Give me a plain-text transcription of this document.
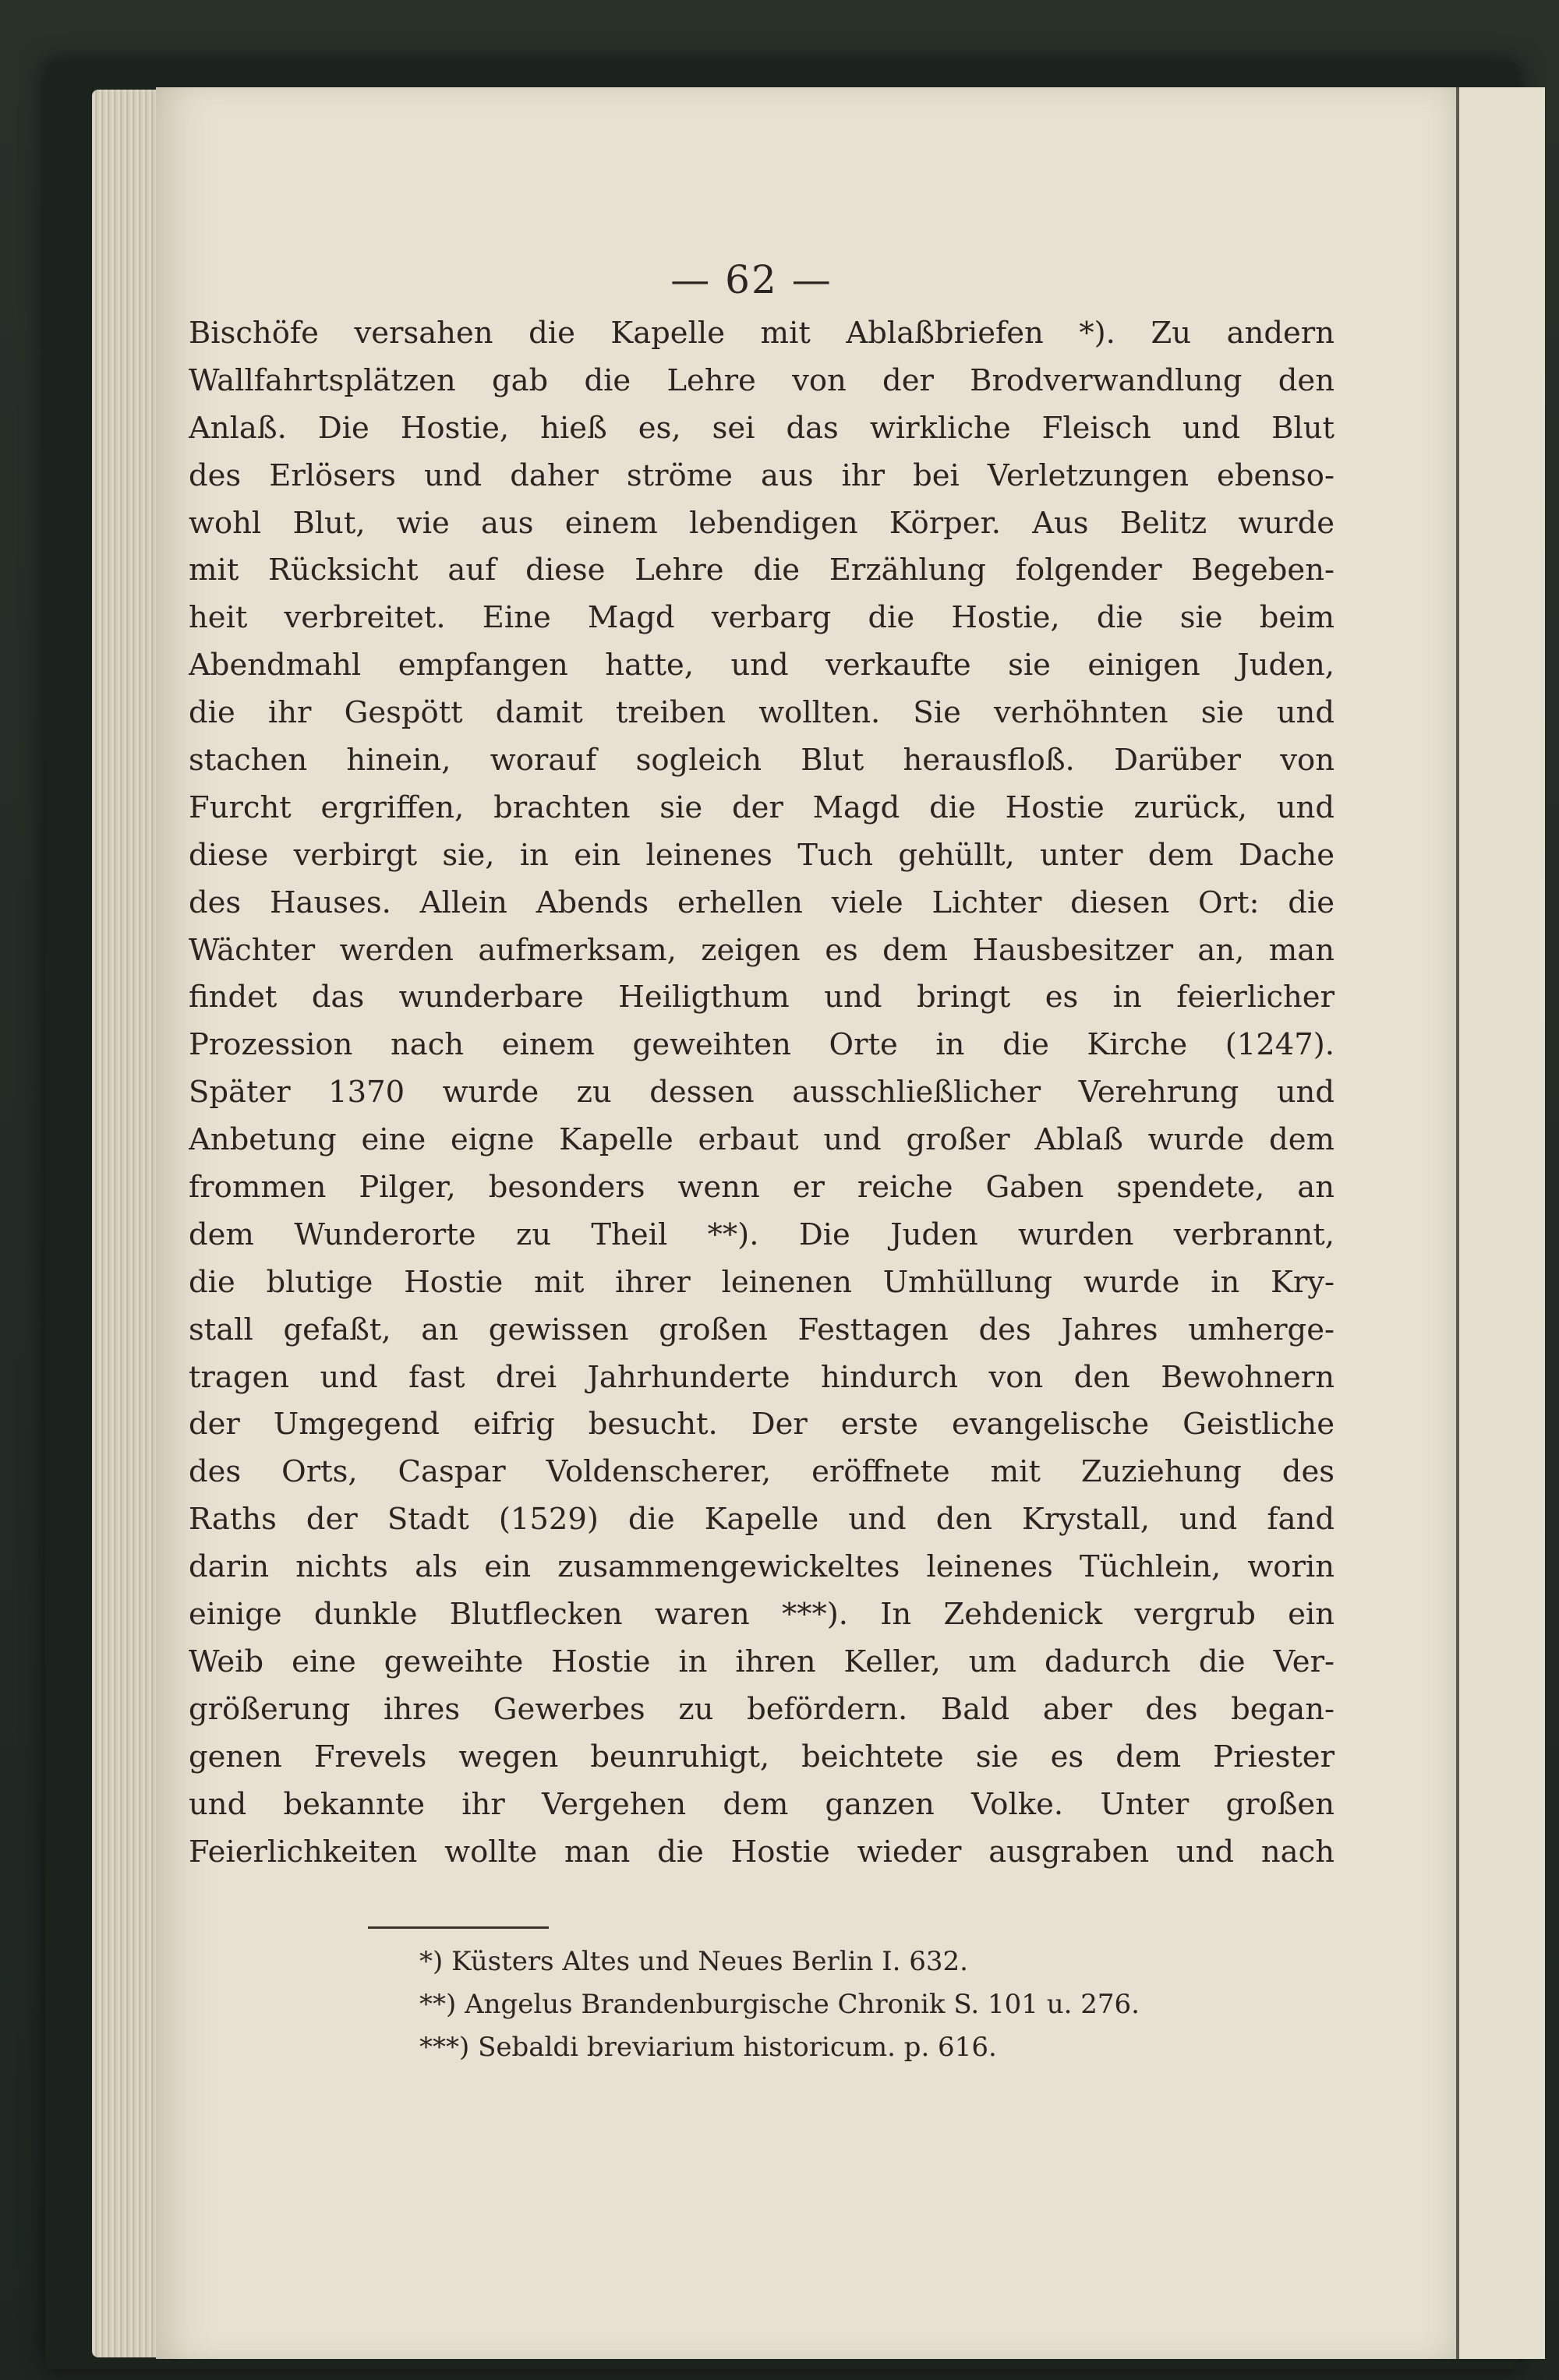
— 62 —
Bischöfe versahen die Kapelle mit Ablaßbriefen *). Zu andern
Wallfahrtsplätzen gab die Lehre von der Brodverwandlung den
Anlaß. Die Hostie, hieß es, sei das wirkliche Fleisch und Blut
des Erlösers und daher ströme aus ihr bei Verletzungen ebenso-
wohl Blut, wie aus einem lebendigen Körper. Aus Belitz wurde
mit Rücksicht auf diese Lehre die Erzählung folgender Begeben-
heit verbreitet. Eine Magd verbarg die Hostie, die sie beim
Abendmahl empfangen hatte, und verkaufte sie einigen Juden,
die ihr Gespött damit treiben wollten. Sie verhöhnten sie und
stachen hinein, worauf sogleich Blut herausfloß. Darüber von
Furcht ergriffen, brachten sie der Magd die Hostie zurück, und
diese verbirgt sie, in ein leinenes Tuch gehüllt, unter dem Dache
des Hauses. Allein Abends erhellen viele Lichter diesen Ort: die
Wächter werden aufmerksam, zeigen es dem Hausbesitzer an, man
findet das wunderbare Heiligthum und bringt es in feierlicher
Prozession nach einem geweihten Orte in die Kirche (1247).
Später 1370 wurde zu dessen ausschließlicher Verehrung und
Anbetung eine eigne Kapelle erbaut und großer Ablaß wurde dem
frommen Pilger, besonders wenn er reiche Gaben spendete, an
dem Wunderorte zu Theil **). Die Juden wurden verbrannt,
die blutige Hostie mit ihrer leinenen Umhüllung wurde in Kry-
stall gefaßt, an gewissen großen Festtagen des Jahres umherge-
tragen und fast drei Jahrhunderte hindurch von den Bewohnern
der Umgegend eifrig besucht. Der erste evangelische Geistliche
des Orts, Caspar Voldenscherer, eröffnete mit Zuziehung des
Raths der Stadt (1529) die Kapelle und den Krystall, und fand
darin nichts als ein zusammengewickeltes leinenes Tüchlein, worin
einige dunkle Blutflecken waren ***). In Zehdenick vergrub ein
Weib eine geweihte Hostie in ihren Keller, um dadurch die Ver-
größerung ihres Gewerbes zu befördern. Bald aber des began-
genen Frevels wegen beunruhigt, beichtete sie es dem Priester
und bekannte ihr Vergehen dem ganzen Volke. Unter großen
Feierlichkeiten wollte man die Hostie wieder ausgraben und nach
*) Küsters Altes und Neues Berlin I. 632.
**) Angelus Brandenburgische Chronik S. 101 u. 276.
***) Sebaldi breviarium historicum. p. 616.
